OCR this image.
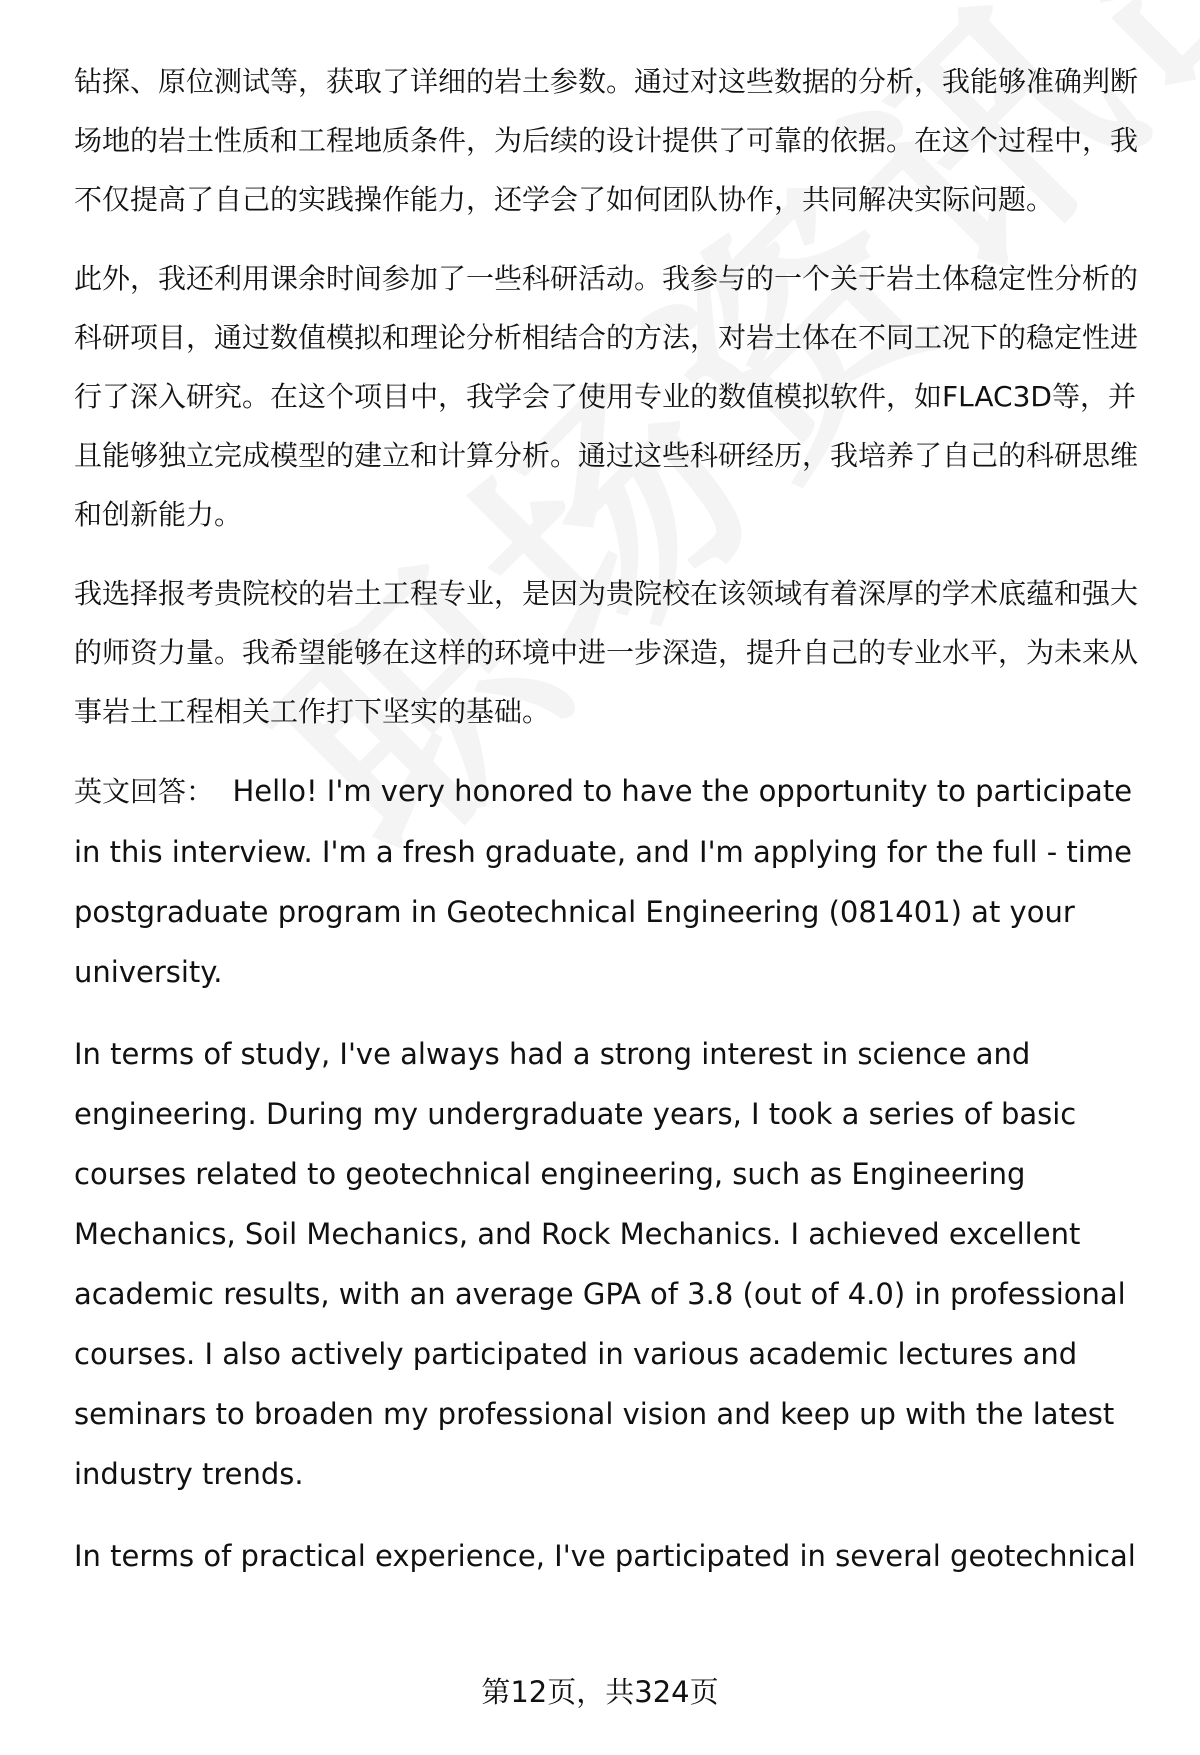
钻探、原位测试等，获取了详细的岩土参数。通过对这些数据的分析，我能够准确判断场地的岩土性质和工程地质条件，为后续的设计提供了可靠的依据。在这个过程中，我不仅提高了自己的实践操作能力，还学会了如何团队协作，共同解决实际问题。

此外，我还利用课余时间参加了一些科研活动。我参与的一个关于岩土体稳定性分析的科研项目，通过数值模拟和理论分析相结合的方法，对岩土体在不同工况下的稳定性进行了深入研究。在这个项目中，我学会了使用专业的数值模拟软件，如FLAC3D等，并且能够独立完成模型的建立和计算分析。通过这些科研经历，我培养了自己的科研思维和创新能力。

我选择报考贵院校的岩土工程专业，是因为贵院校在该领域有着深厚的学术底蕴和强大的师资力量。我希望能够在这样的环境中进一步深造，提升自己的专业水平，为未来从事岩土工程相关工作打下坚实的基础。

英文回答：  Hello! I'm very honored to have the opportunity to participate in this interview. I'm a fresh graduate, and I'm applying for the full - time postgraduate program in Geotechnical Engineering (081401) at your university.

In terms of study, I've always had a strong interest in science and engineering. During my undergraduate years, I took a series of basic courses related to geotechnical engineering, such as Engineering Mechanics, Soil Mechanics, and Rock Mechanics. I achieved excellent academic results, with an average GPA of 3.8 (out of 4.0) in professional courses. I also actively participated in various academic lectures and seminars to broaden my professional vision and keep up with the latest industry trends.

In terms of practical experience, I've participated in several geotechnical

第12页，共324页
